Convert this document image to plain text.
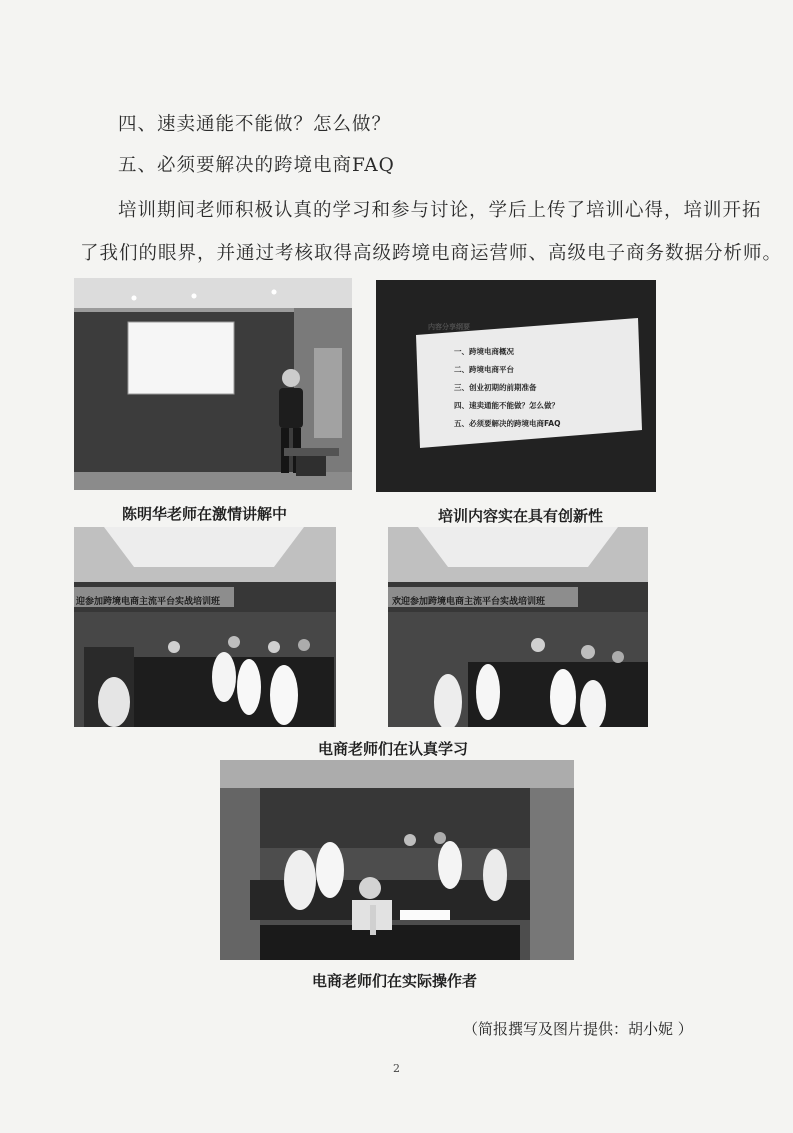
四、速卖通能不能做？怎么做？
五、必须要解决的跨境电商FAQ
培训期间老师积极认真的学习和参与讨论，学后上传了培训心得，培训开拓
了我们的眼界，并通过考核取得高级跨境电商运营师、高级电子商务数据分析师。
内容分享纲要
一、跨境电商概况
二、跨境电商平台
三、创业初期的前期准备
四、速卖通能不能做？怎么做？
五、必须要解决的跨境电商FAQ
陈明华老师在激情讲解中	培训内容实在具有创新性
迎参加跨境电商主流平台实战培训班	欢迎参加跨境电商主流平台实战培训班
电商老师们在认真学习
电商老师们在实际操作者
（简报撰写及图片提供：胡小妮 ）
2
